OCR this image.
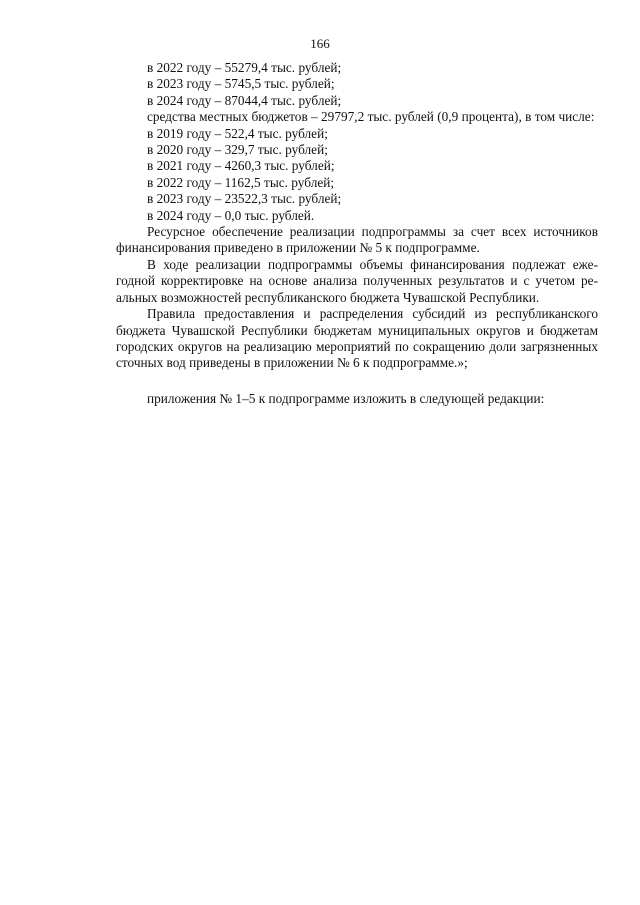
166
в 2022 году – 55279,4 тыс. рублей;
в 2023 году – 5745,5 тыс. рублей;
в 2024 году – 87044,4 тыс. рублей;

средства местных бюджетов – 29797,2 тыс. рублей (0,9 процента), в том числе:

в 2019 году – 522,4 тыс. рублей;
в 2020 году – 329,7 тыс. рублей;
в 2021 году – 4260,3 тыс. рублей;
в 2022 году – 1162,5 тыс. рублей;
в 2023 году – 23522,3 тыс. рублей;
в 2024 году – 0,0 тыс. рублей.

Ресурсное обеспечение реализации подпрограммы за счет всех источников финансирования приведено в приложении № 5 к подпрограмме.

В ходе реализации подпрограммы объемы финансирования подлежат ежегодной корректировке на основе анализа полученных результатов и с учетом реальных возможностей республиканского бюджета Чувашской Республики.

Правила предоставления и распределения субсидий из республиканского бюджета Чувашской Республики бюджетам муниципальных округов и бюджетам городских округов на реализацию мероприятий по сокращению доли загрязненных сточных вод приведены в приложении № 6 к подпрограмме.»;

приложения № 1–5 к подпрограмме изложить в следующей редакции:
